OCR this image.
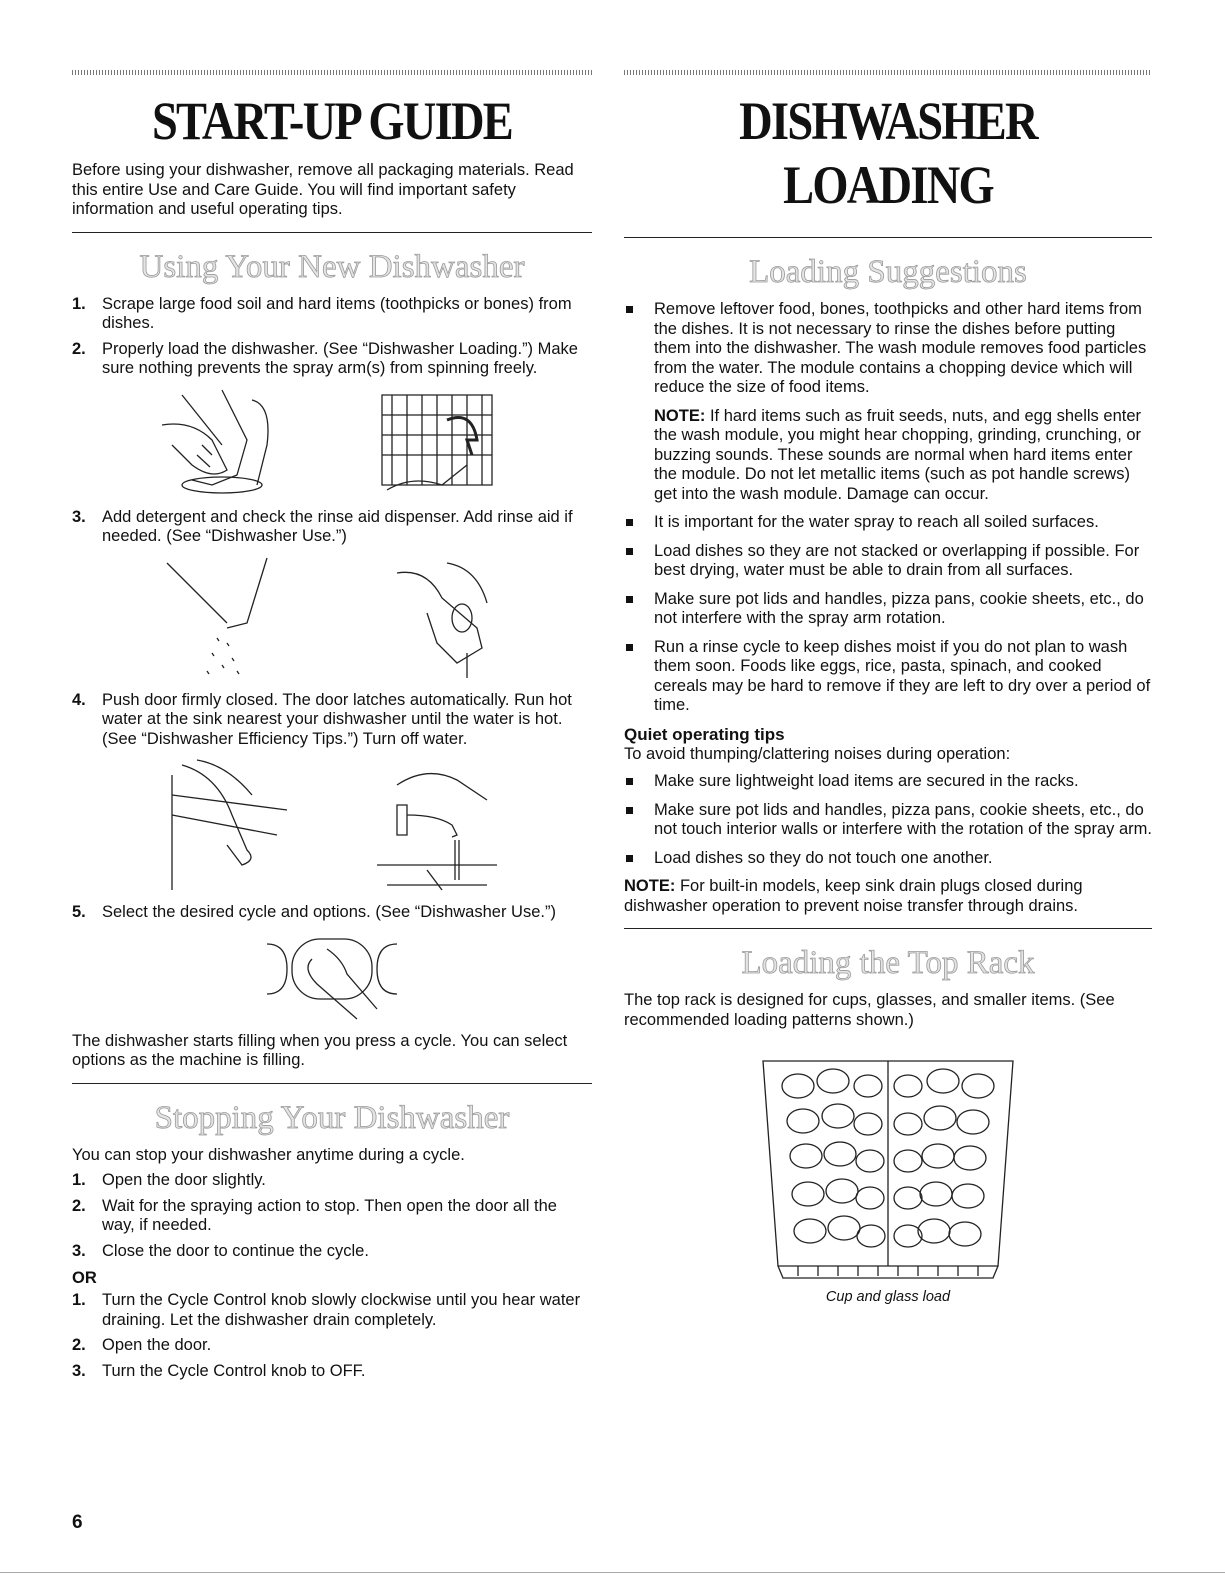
START-UP GUIDE

Before using your dishwasher, remove all packaging materials. Read this entire Use and Care Guide. You will find important safety information and useful operating tips.

Using Your New Dishwasher
1. Scrape large food soil and hard items (toothpicks or bones) from dishes.
2. Properly load the dishwasher. (See “Dishwasher Loading.”) Make sure nothing prevents the spray arm(s) from spinning freely.
3. Add detergent and check the rinse aid dispenser. Add rinse aid if needed. (See “Dishwasher Use.”)
4. Push door firmly closed. The door latches automatically. Run hot water at the sink nearest your dishwasher until the water is hot. (See “Dishwasher Efficiency Tips.”) Turn off water.
5. Select the desired cycle and options. (See “Dishwasher Use.”)

The dishwasher starts filling when you press a cycle. You can select options as the machine is filling.

Stopping Your Dishwasher

You can stop your dishwasher anytime during a cycle.

1. Open the door slightly.
2. Wait for the spraying action to stop. Then open the door all the way, if needed.
3. Close the door to continue the cycle.
OR
1. Turn the Cycle Control knob slowly clockwise until you hear water draining. Let the dishwasher drain completely.
2. Open the door.
3. Turn the Cycle Control knob to OFF.
DISHWASHER LOADING
Loading Suggestions
Remove leftover food, bones, toothpicks and other hard items from the dishes. It is not necessary to rinse the dishes before putting them into the dishwasher. The wash module removes food particles from the water. The module contains a chopping device which will reduce the size of food items.

NOTE: If hard items such as fruit seeds, nuts, and egg shells enter the wash module, you might hear chopping, grinding, crunching, or buzzing sounds. These sounds are normal when hard items enter the module. Do not let metallic items (such as pot handle screws) get into the wash module. Damage can occur.

It is important for the water spray to reach all soiled surfaces.
Load dishes so they are not stacked or overlapping if possible. For best drying, water must be able to drain from all surfaces.
Make sure pot lids and handles, pizza pans, cookie sheets, etc., do not interfere with the spray arm rotation.
Run a rinse cycle to keep dishes moist if you do not plan to wash them soon. Foods like eggs, rice, pasta, spinach, and cooked cereals may be hard to remove if they are left to dry over a period of time.
Quiet operating tips

To avoid thumping/clattering noises during operation:

Make sure lightweight load items are secured in the racks.
Make sure pot lids and handles, pizza pans, cookie sheets, etc., do not touch interior walls or interfere with the rotation of the spray arm.
Load dishes so they do not touch one another.

NOTE: For built-in models, keep sink drain plugs closed during dishwasher operation to prevent noise transfer through drains.

Loading the Top Rack

The top rack is designed for cups, glasses, and smaller items. (See recommended loading patterns shown.)

Cup and glass load
6
